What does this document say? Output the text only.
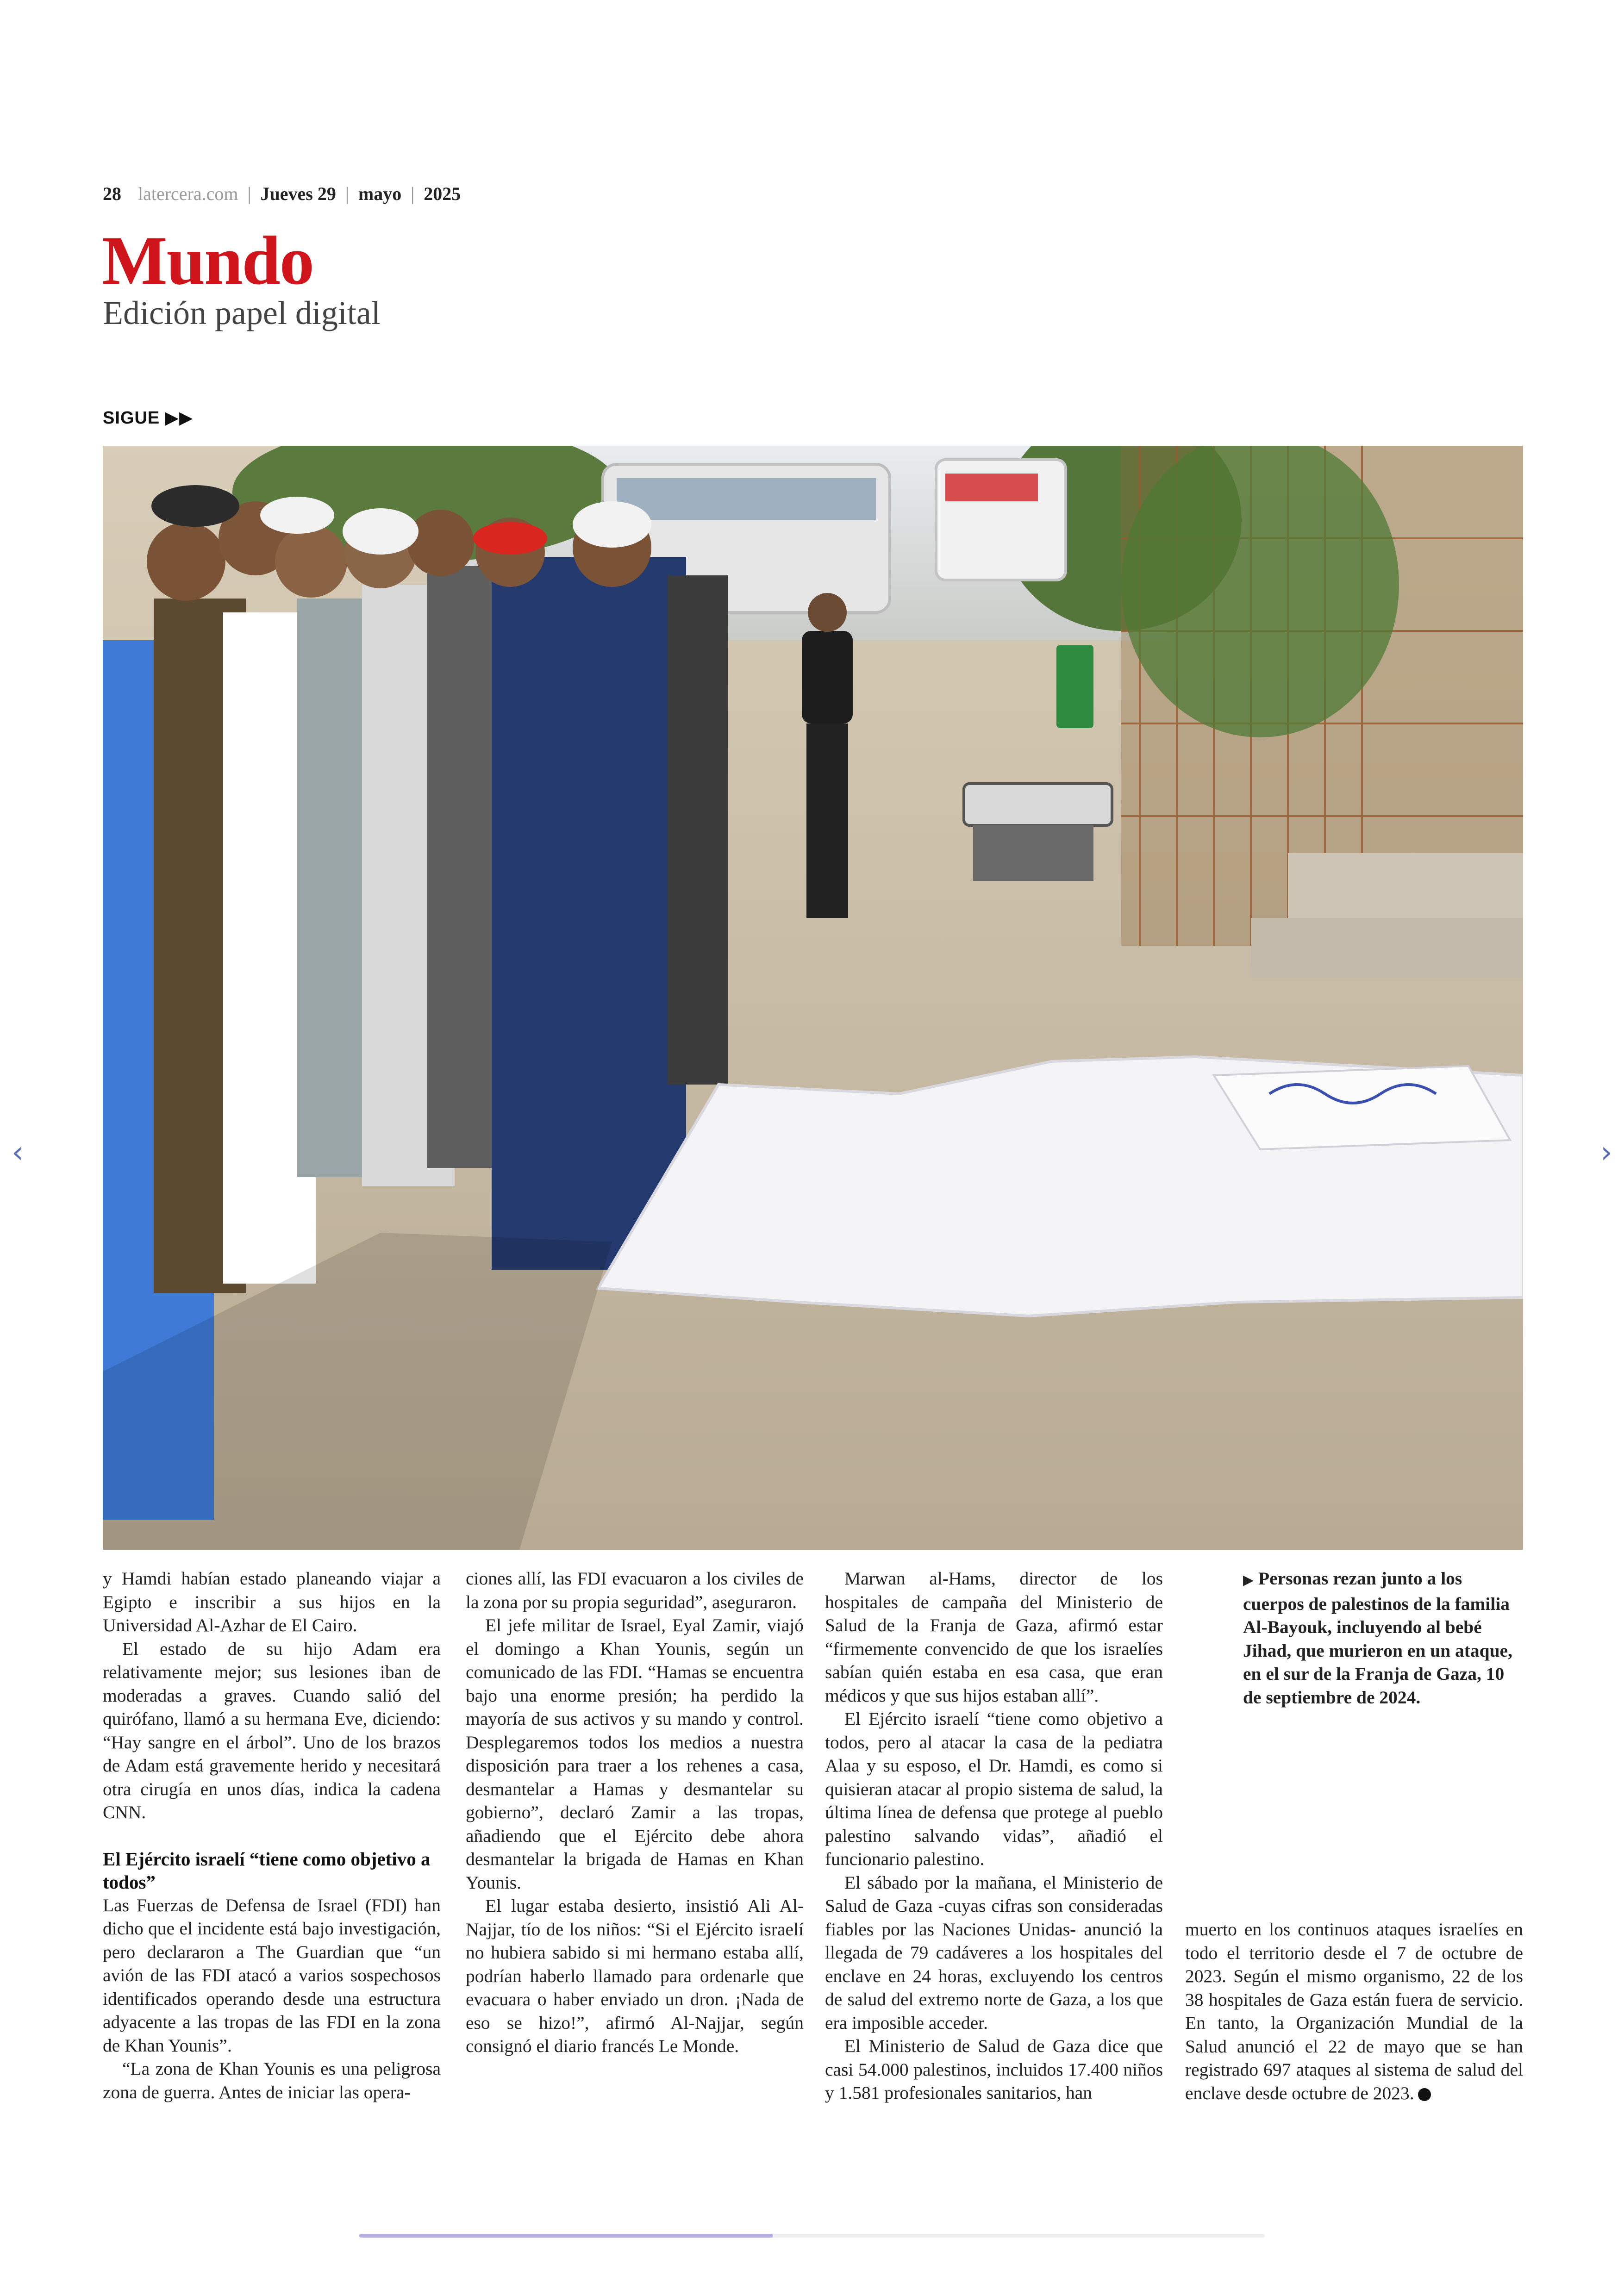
28 latercera.com | Jueves 29 | mayo | 2025
Mundo
Edición papel digital
SIGUE ▶▶
‹	›

y Hamdi habían estado planeando viajar a Egipto e inscribir a sus hijos en la Universidad Al-Azhar de El Cairo.

El estado de su hijo Adam era relativamente mejor; sus lesiones iban de moderadas a graves. Cuando salió del quirófano, llamó a su hermana Eve, diciendo: “Hay sangre en el árbol”. Uno de los brazos de Adam está gravemente herido y necesitará otra cirugía en unos días, indica la cadena CNN.

El Ejército israelí “tiene como objetivo a todos”

Las Fuerzas de Defensa de Israel (FDI) han dicho que el incidente está bajo investigación, pero declararon a The Guardian que “un avión de las FDI atacó a varios sospechosos identificados operando desde una estructura adyacente a las tropas de las FDI en la zona de Khan Younis”.

“La zona de Khan Younis es una peligrosa zona de guerra. Antes de iniciar las opera-

ciones allí, las FDI evacuaron a los civiles de la zona por su propia seguridad”, aseguraron.

El jefe militar de Israel, Eyal Zamir, viajó el domingo a Khan Younis, según un comunicado de las FDI. “Hamas se encuentra bajo una enorme presión; ha perdido la mayoría de sus activos y su mando y control. Desplegaremos todos los medios a nuestra disposición para traer a los rehenes a casa, desmantelar a Hamas y desmantelar su gobierno”, declaró Zamir a las tropas, añadiendo que el Ejército debe ahora desmantelar la brigada de Hamas en Khan Younis.

El lugar estaba desierto, insistió Ali Al-Najjar, tío de los niños: “Si el Ejército israelí no hubiera sabido si mi hermano estaba allí, podrían haberlo llamado para ordenarle que evacuara o haber enviado un dron. ¡Nada de eso se hizo!”, afirmó Al-Najjar, según consignó el diario francés Le Monde.

Marwan al-Hams, director de los hospitales de campaña del Ministerio de Salud de la Franja de Gaza, afirmó estar “firmemente convencido de que los israelíes sabían quién estaba en esa casa, que eran médicos y que sus hijos estaban allí”.

El Ejército israelí “tiene como objetivo a todos, pero al atacar la casa de la pediatra Alaa y su esposo, el Dr. Hamdi, es como si quisieran atacar al propio sistema de salud, la última línea de defensa que protege al pueblo palestino salvando vidas”, añadió el funcionario palestino.

El sábado por la mañana, el Ministerio de Salud de Gaza -cuyas cifras son consideradas fiables por las Naciones Unidas- anunció la llegada de 79 cadáveres a los hospitales del enclave en 24 horas, excluyendo los centros de salud del extremo norte de Gaza, a los que era imposible acceder.

El Ministerio de Salud de Gaza dice que casi 54.000 palestinos, incluidos 17.400 niños y 1.581 profesionales sanitarios, han

muerto en los continuos ataques israelíes en todo el territorio desde el 7 de octubre de 2023. Según el mismo organismo, 22 de los 38 hospitales de Gaza están fuera de servicio. En tanto, la Organización Mundial de la Salud anunció el 22 de mayo que se han registrado 697 ataques al sistema de salud del enclave desde octubre de 2023.

▶ Personas rezan junto a los cuerpos de palestinos de la familia Al-Bayouk, incluyendo al bebé Jihad, que murieron en un ataque, en el sur de la Franja de Gaza, 10 de septiembre de 2024.
